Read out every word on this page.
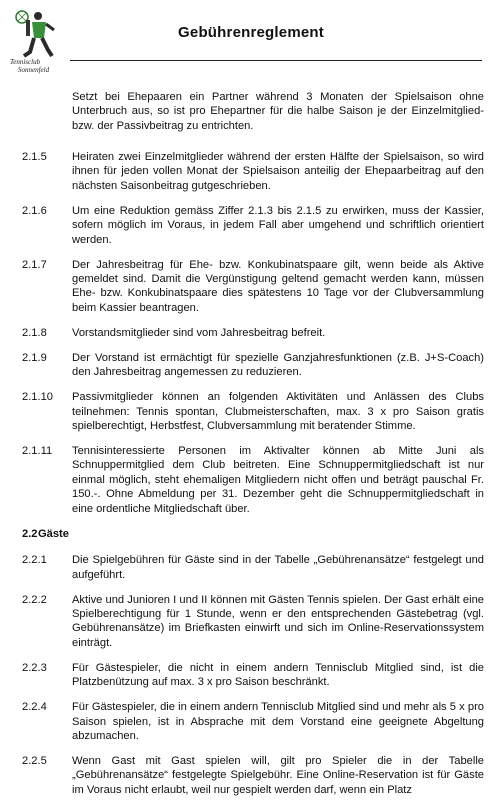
Tennisclub
Sonnenfeld
Gebührenreglement
Setzt bei Ehepaaren ein Partner während 3 Monaten der Spielsaison ohne Unterbruch aus, so ist pro Ehepartner für die halbe Saison je der Einzelmitglied- bzw. der Passivbeitrag zu entrichten.
2.1.5 Heiraten zwei Einzelmitglieder während der ersten Hälfte der Spielsaison, so wird ihnen für jeden vollen Monat der Spielsaison anteilig der Ehepaarbeitrag auf den nächsten Saisonbeitrag gutgeschrieben.
2.1.6 Um eine Reduktion gemäss Ziffer 2.1.3 bis 2.1.5 zu erwirken, muss der Kassier, sofern möglich im Voraus, in jedem Fall aber umgehend und schriftlich orientiert werden.
2.1.7 Der Jahresbeitrag für Ehe- bzw. Konkubinatspaare gilt, wenn beide als Aktive gemeldet sind. Damit die Vergünstigung geltend gemacht werden kann, müssen Ehe- bzw. Konkubinatspaare dies spätestens 10 Tage vor der Clubversammlung beim Kassier beantragen.
2.1.8 Vorstandsmitglieder sind vom Jahresbeitrag befreit.
2.1.9 Der Vorstand ist ermächtigt für spezielle Ganzjahresfunktionen (z.B. J+S-Coach) den Jahresbeitrag angemessen zu reduzieren.
2.1.10 Passivmitglieder können an folgenden Aktivitäten und Anlässen des Clubs teilnehmen: Tennis spontan, Clubmeisterschaften, max. 3 x pro Saison gratis spielberechtigt, Herbstfest, Clubversammlung mit beratender Stimme.
2.1.11 Tennisinteressierte Personen im Aktivalter können ab Mitte Juni als Schnuppermitglied dem Club beitreten. Eine Schnuppermitgliedschaft ist nur einmal möglich, steht ehemaligen Mitgliedern nicht offen und beträgt pauschal Fr. 150.-. Ohne Abmeldung per 31. Dezember geht die Schnuppermitgliedschaft in eine ordentliche Mitgliedschaft über.
2.2Gäste
2.2.1 Die Spielgebühren für Gäste sind in der Tabelle „Gebührenansätze“ festgelegt und aufgeführt.
2.2.2 Aktive und Junioren I und II können mit Gästen Tennis spielen. Der Gast erhält eine Spielberechtigung für 1 Stunde, wenn er den entsprechenden Gästebetrag (vgl. Gebührenansätze) im Briefkasten einwirft und sich im Online-Reservationssystem einträgt.
2.2.3 Für Gästespieler, die nicht in einem andern Tennisclub Mitglied sind, ist die Platzbenützung auf max. 3 x pro Saison beschränkt.
2.2.4 Für Gästespieler, die in einem andern Tennisclub Mitglied sind und mehr als 5 x pro Saison spielen, ist in Absprache mit dem Vorstand eine geeignete Abgeltung abzumachen.
2.2.5 Wenn Gast mit Gast spielen will, gilt pro Spieler die in der Tabelle „Gebührenansätze“ festgelegte Spielgebühr. Eine Online-Reservation ist für Gäste im Voraus nicht erlaubt, weil nur gespielt werden darf, wenn ein Platz
